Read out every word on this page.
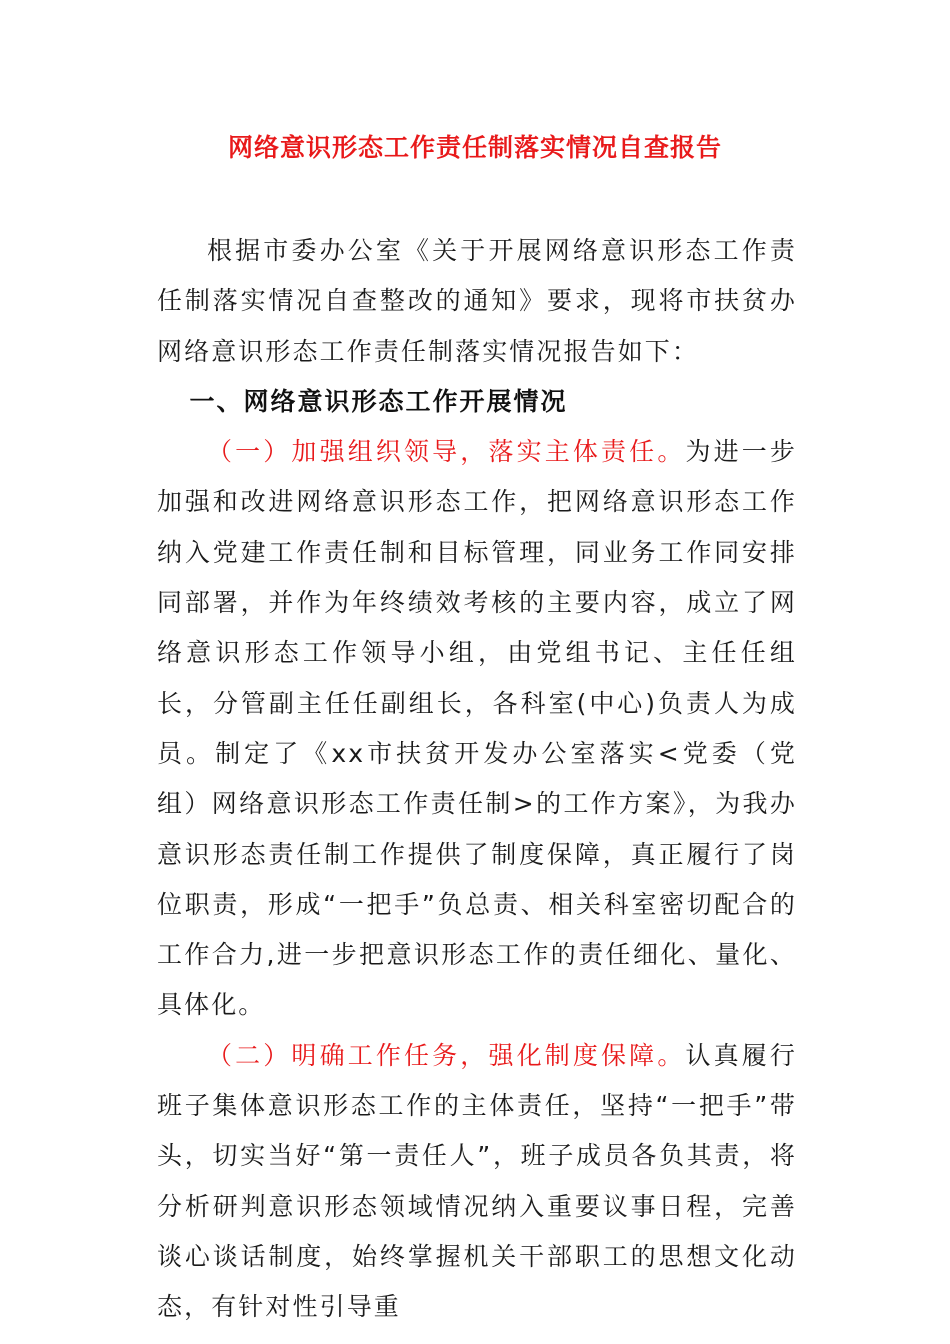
网络意识形态工作责任制落实情况自查报告

根据市委办公室《关于开展网络意识形态工作责任制落实情况自查整改的通知》要求，现将市扶贫办网络意识形态工作责任制落实情况报告如下：

一、网络意识形态工作开展情况

（一）加强组织领导，落实主体责任。为进一步加强和改进网络意识形态工作，把网络意识形态工作纳入党建工作责任制和目标管理，同业务工作同安排同部署，并作为年终绩效考核的主要内容，成立了网络意识形态工作领导小组，由党组书记、主任任组长，分管副主任任副组长，各科室(中心)负责人为成员。制定了《xx市扶贫开发办公室落实<党委（党组）网络意识形态工作责任制>的工作方案》，为我办意识形态责任制工作提供了制度保障，真正履行了岗位职责，形成“一把手”负总责、相关科室密切配合的工作合力,进一步把意识形态工作的责任细化、量化、具体化。

（二）明确工作任务，强化制度保障。认真履行班子集体意识形态工作的主体责任，坚持“一把手”带头，切实当好“第一责任人”，班子成员各负其责，将分析研判意识形态领域情况纳入重要议事日程，完善谈心谈话制度，始终掌握机关干部职工的思想文化动态，有针对性引导重
